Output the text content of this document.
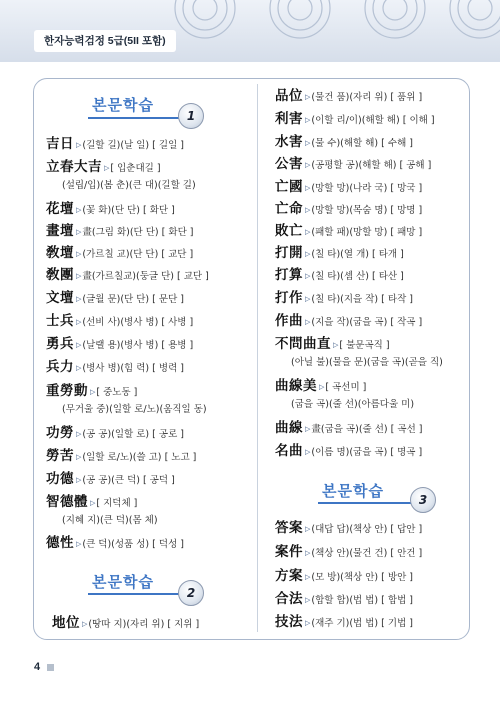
한자능력검정 5급(5II 포함)
본문학습
1
본문학습
2
본문학습	3
吉日 ▷(길할 길)(날 일) [ 길일 ]
立春大吉 ▷[ 입춘대길 ]
(설립/입)(봄 춘)(큰 대)(길할 길)
花壇 ▷(꽃 화)(단 단) [ 화단 ]
畫壇 ▷畫(그림 화)(단 단) [ 화단 ]
敎壇 ▷(가르칠 교)(단 단) [ 교단 ]
敎團 ▷畫(가르칠교)(둥글 단) [ 교단 ]
文壇 ▷(글월 문)(단 단) [ 문단 ]
士兵 ▷(선비 사)(병사 병) [ 사병 ]
勇兵 ▷(날랠 용)(병사 병) [ 용병 ]
兵力 ▷(병사 병)(힘 력) [ 병력 ]
重勞動 ▷[ 중노동 ]
(무거울 중)(일할 로/노)(움직일 동)
功勞 ▷(공 공)(일할 로) [ 공로 ]
勞苦 ▷(일할 로/노)(쓸 고) [ 노고 ]
功德 ▷(공 공)(큰 덕) [ 공덕 ]
智德體 ▷[ 지덕체 ]
(지혜 지)(큰 덕)(몸 체)
德性 ▷(큰 덕)(성품 성) [ 덕성 ]
地位 ▷(땅따 지)(자리 위) [ 지위 ]
品位 ▷(물건 품)(자리 위) [ 품위 ]
利害 ▷(이할 리/이)(해할 해) [ 이해 ]
水害 ▷(물 수)(해할 해) [ 수해 ]
公害 ▷(공평할 공)(해할 해) [ 공해 ]
亡國 ▷(망할 망)(나라 국) [ 망국 ]
亡命 ▷(망할 망)(목숨 명) [ 망명 ]
敗亡 ▷(패할 패)(망할 망) [ 패망 ]
打開 ▷(칠 타)(열 개) [ 타개 ]
打算 ▷(칠 타)(셈 산) [ 타산 ]
打作 ▷(칠 타)(지을 작) [ 타작 ]
作曲 ▷(지을 작)(굽을 곡) [ 작곡 ]
不問曲直 ▷[ 불문곡직 ]
(아닐 불)(물을 문)(굽을 곡)(곧을 직)
曲線美 ▷[ 곡선미 ]
(굽을 곡)(줄 선)(아름다울 미)
曲線 ▷畫(굽을 곡)(줄 선) [ 곡선 ]
名曲 ▷(이름 명)(굽을 곡) [ 명곡 ]
答案 ▷(대답 답)(책상 안) [ 답안 ]
案件 ▷(책상 안)(물건 건) [ 안건 ]
方案 ▷(모 방)(책상 안) [ 방안 ]
合法 ▷(합할 합)(법 법) [ 합법 ]
技法 ▷(재주 기)(법 법) [ 기법 ]
4
